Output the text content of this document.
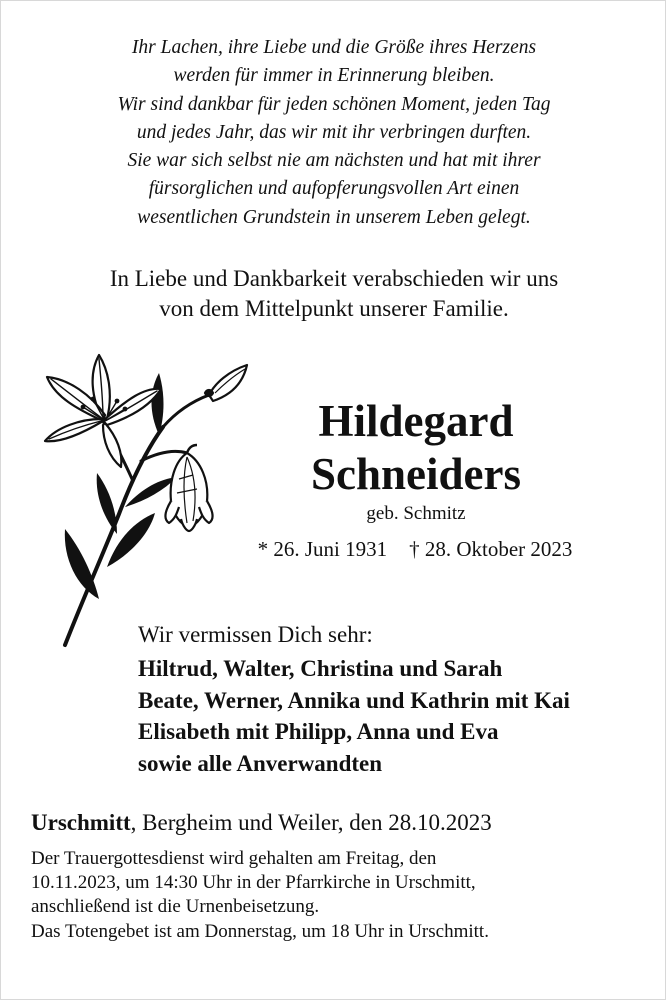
Ihr Lachen, ihre Liebe und die Größe ihres Herzens
werden für immer in Erinnerung bleiben.
Wir sind dankbar für jeden schönen Moment, jeden Tag
und jedes Jahr, das wir mit ihr verbringen durften.
Sie war sich selbst nie am nächsten und hat mit ihrer
fürsorglichen und aufopferungsvollen Art einen
wesentlichen Grundstein in unserem Leben gelegt.
In Liebe und Dankbarkeit verabschieden wir uns
von dem Mittelpunkt unserer Familie.
Hildegard
Schneiders
geb. Schmitz
* 26. Juni 1931 † 28. Oktober 2023
Wir vermissen Dich sehr:
Hiltrud, Walter, Christina und Sarah
Beate, Werner, Annika und Kathrin mit Kai
Elisabeth mit Philipp, Anna und Eva
sowie alle Anverwandten
Urschmitt, Bergheim und Weiler, den 28.10.2023
Der Trauergottesdienst wird gehalten am Freitag, den
10.11.2023, um 14:30 Uhr in der Pfarrkirche in Urschmitt,
anschließend ist die Urnenbeisetzung.
Das Totengebet ist am Donnerstag, um 18 Uhr in Urschmitt.
